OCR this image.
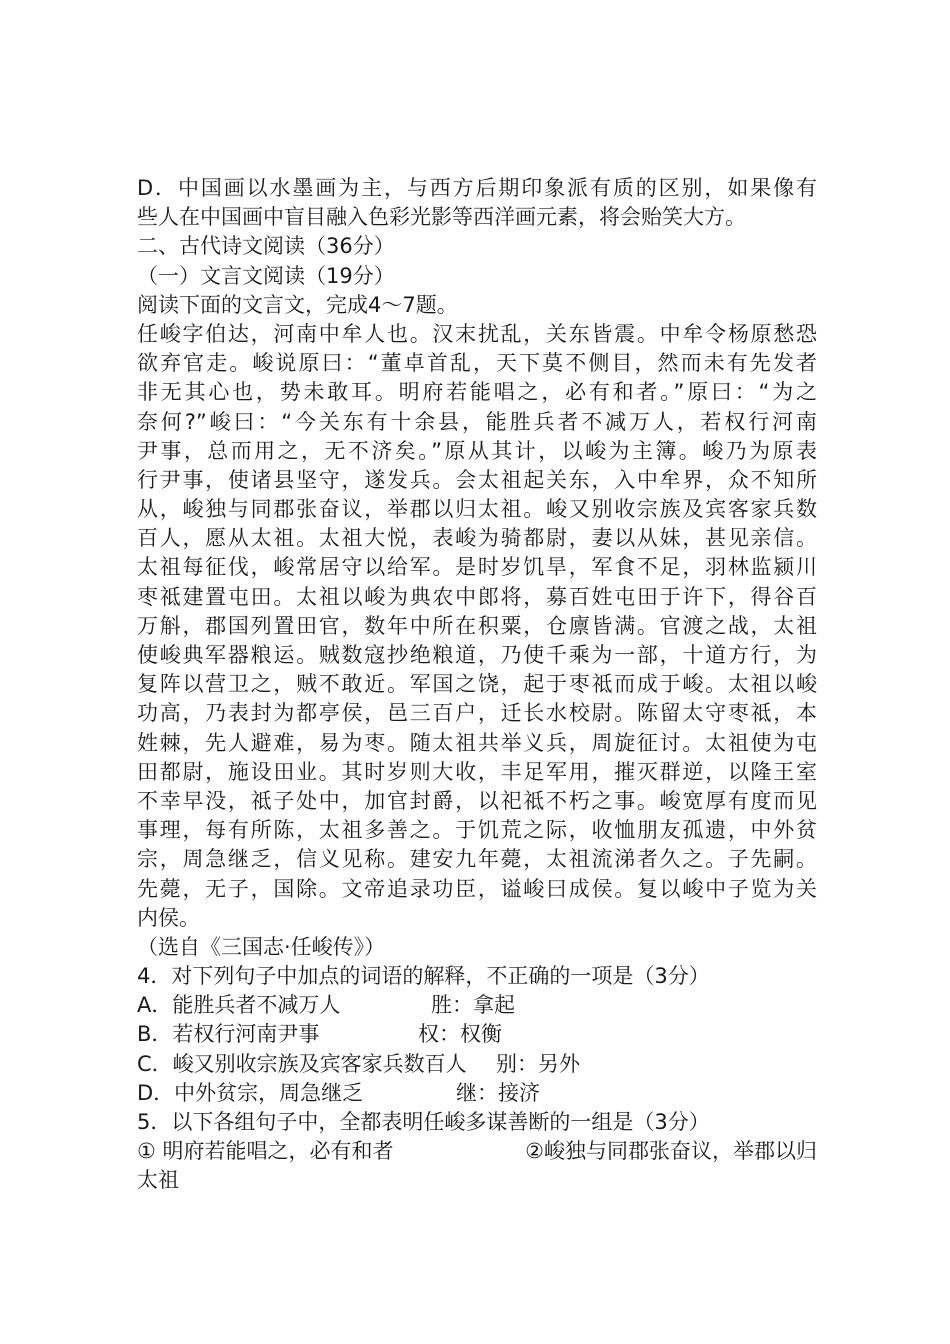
D．中国画以水墨画为主，与西方后期印象派有质的区别，如果像有
些人在中国画中盲目融入色彩光影等西洋画元素，将会贻笑大方。
二、古代诗文阅读（36分）
（一）文言文阅读（19分）
阅读下面的文言文，完成4～7题。
任峻字伯达，河南中牟人也。汉末扰乱，关东皆震。中牟令杨原愁恐
欲弃官走。峻说原曰：“董卓首乱，天下莫不侧目，然而未有先发者
非无其心也，势未敢耳。明府若能唱之，必有和者。”原曰：“为之
奈何?”峻曰：“今关东有十余县，能胜兵者不减万人，若权行河南
尹事，总而用之，无不济矣。”原从其计，以峻为主簿。峻乃为原表
行尹事，使诸县坚守，遂发兵。会太祖起关东，入中牟界，众不知所
从，峻独与同郡张奋议，举郡以归太祖。峻又别收宗族及宾客家兵数
百人，愿从太祖。太祖大悦，表峻为骑都尉，妻以从妹，甚见亲信。
太祖每征伐，峻常居守以给军。是时岁饥旱，军食不足，羽林监颍川
枣祗建置屯田。太祖以峻为典农中郎将，募百姓屯田于许下，得谷百
万斛，郡国列置田官，数年中所在积粟，仓廪皆满。官渡之战，太祖
使峻典军器粮运。贼数寇抄绝粮道，乃使千乘为一部，十道方行，为
复阵以营卫之，贼不敢近。军国之饶，起于枣祗而成于峻。太祖以峻
功高，乃表封为都亭侯，邑三百户，迁长水校尉。陈留太守枣祗，本
姓棘，先人避难，易为枣。随太祖共举义兵，周旋征讨。太祖使为屯
田都尉，施设田业。其时岁则大收，丰足军用，摧灭群逆，以隆王室
不幸早没，祗子处中，加官封爵，以祀祗不朽之事。峻宽厚有度而见
事理，每有所陈，太祖多善之。于饥荒之际，收恤朋友孤遗，中外贫
宗，周急继乏，信义见称。建安九年薨，太祖流涕者久之。子先嗣。
先薨，无子，国除。文帝追录功臣，谥峻曰成侯。复以峻中子览为关
内侯。
（选自《三国志·任峻传》）
4．对下列句子中加点的词语的解释，不正确的一项是（3分）
A．能胜兵者不减万人	胜：拿起
B．若权行河南尹事	权：权衡
C．峻又别收宗族及宾客家兵数百人	别：另外
D．中外贫宗，周急继乏	继：接济
5．以下各组句子中，全都表明任峻多谋善断的一组是（3分）
① 明府若能唱之，必有和者	②峻独与同郡张奋议，举郡以归
太祖
